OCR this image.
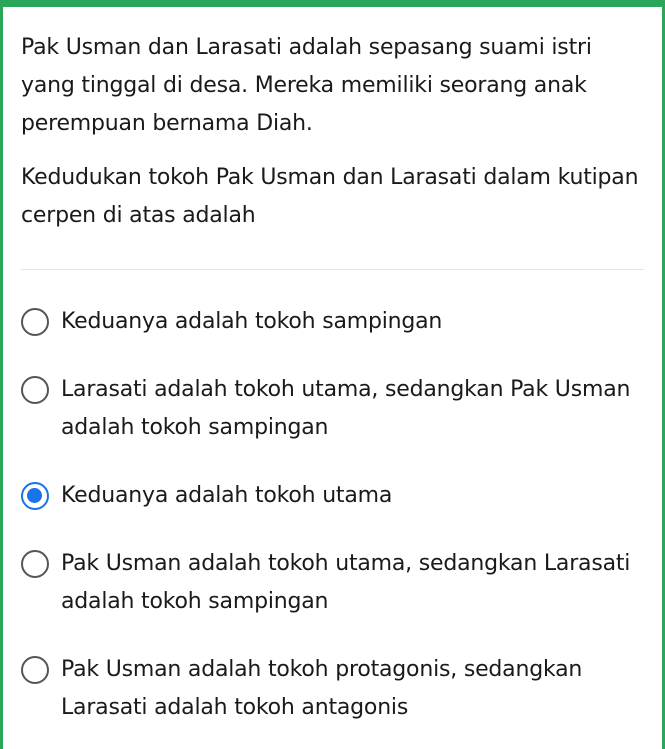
Pak Usman dan Larasati adalah sepasang suami istri yang tinggal di desa. Mereka memiliki seorang anak perempuan bernama Diah.

Kedudukan tokoh Pak Usman dan Larasati dalam kutipan cerpen di atas adalah

Keduanya adalah tokoh sampingan
Larasati adalah tokoh utama, sedangkan Pak Usman adalah tokoh sampingan
Keduanya adalah tokoh utama
Pak Usman adalah tokoh utama, sedangkan Larasati adalah tokoh sampingan
Pak Usman adalah tokoh protagonis, sedangkan Larasati adalah tokoh antagonis
